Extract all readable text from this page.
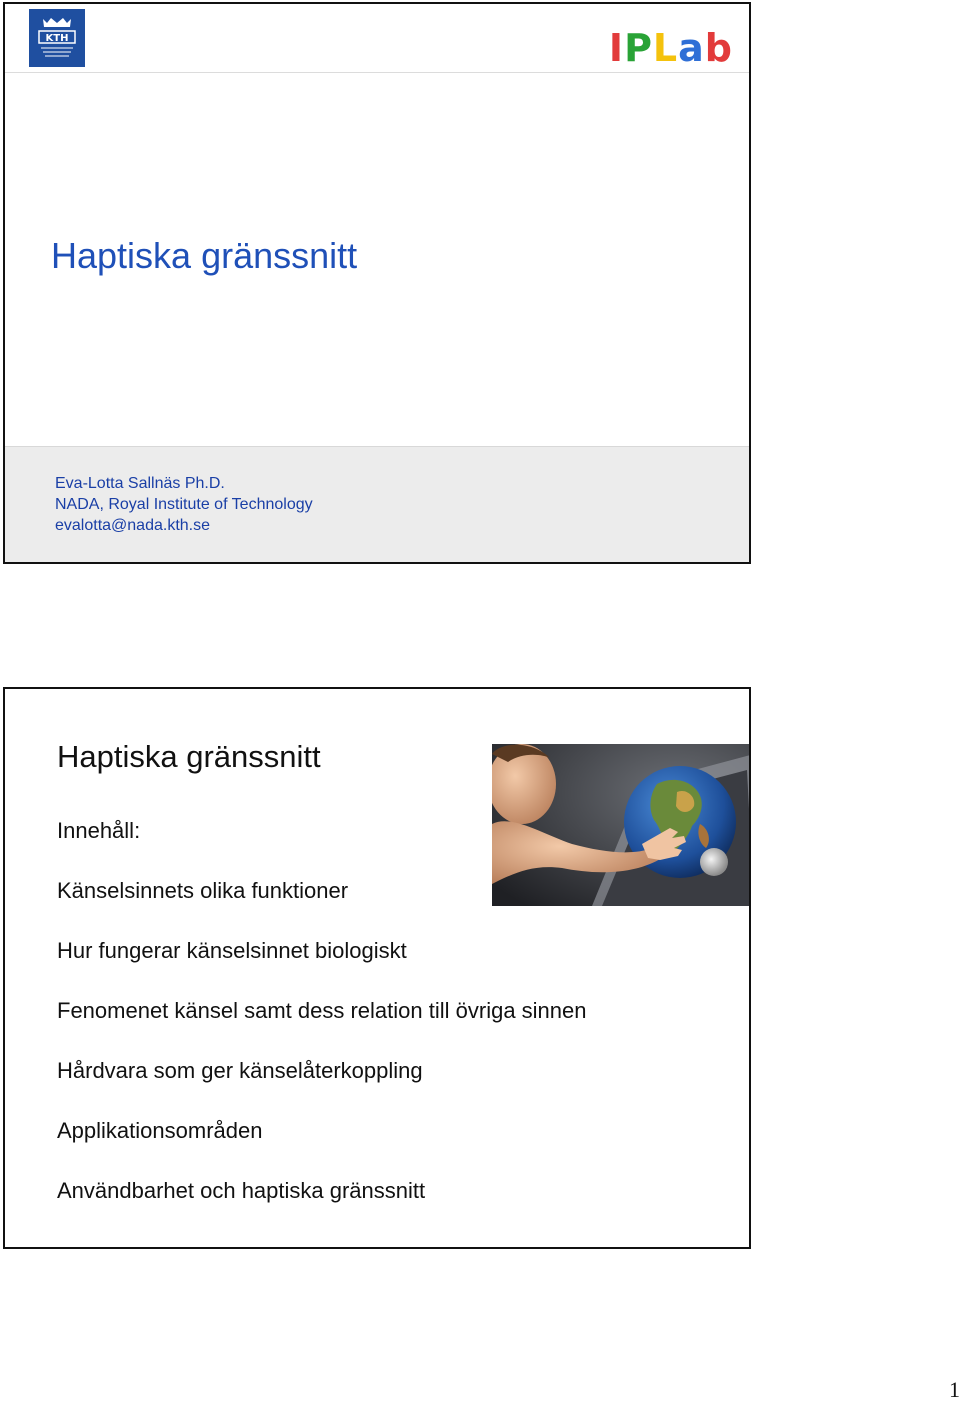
KTH	IPLab
Haptiska gränssnitt
Eva-Lotta Sallnäs Ph.D.
NADA, Royal Institute of Technology
evalotta@nada.kth.se
Haptiska gränssnitt
Innehåll:
Känselsinnets olika funktioner
Hur fungerar känselsinnet biologiskt
Fenomenet känsel samt dess relation till övriga sinnen
Hårdvara som ger känselåterkoppling
Applikationsområden
Användbarhet och haptiska gränssnitt
1
